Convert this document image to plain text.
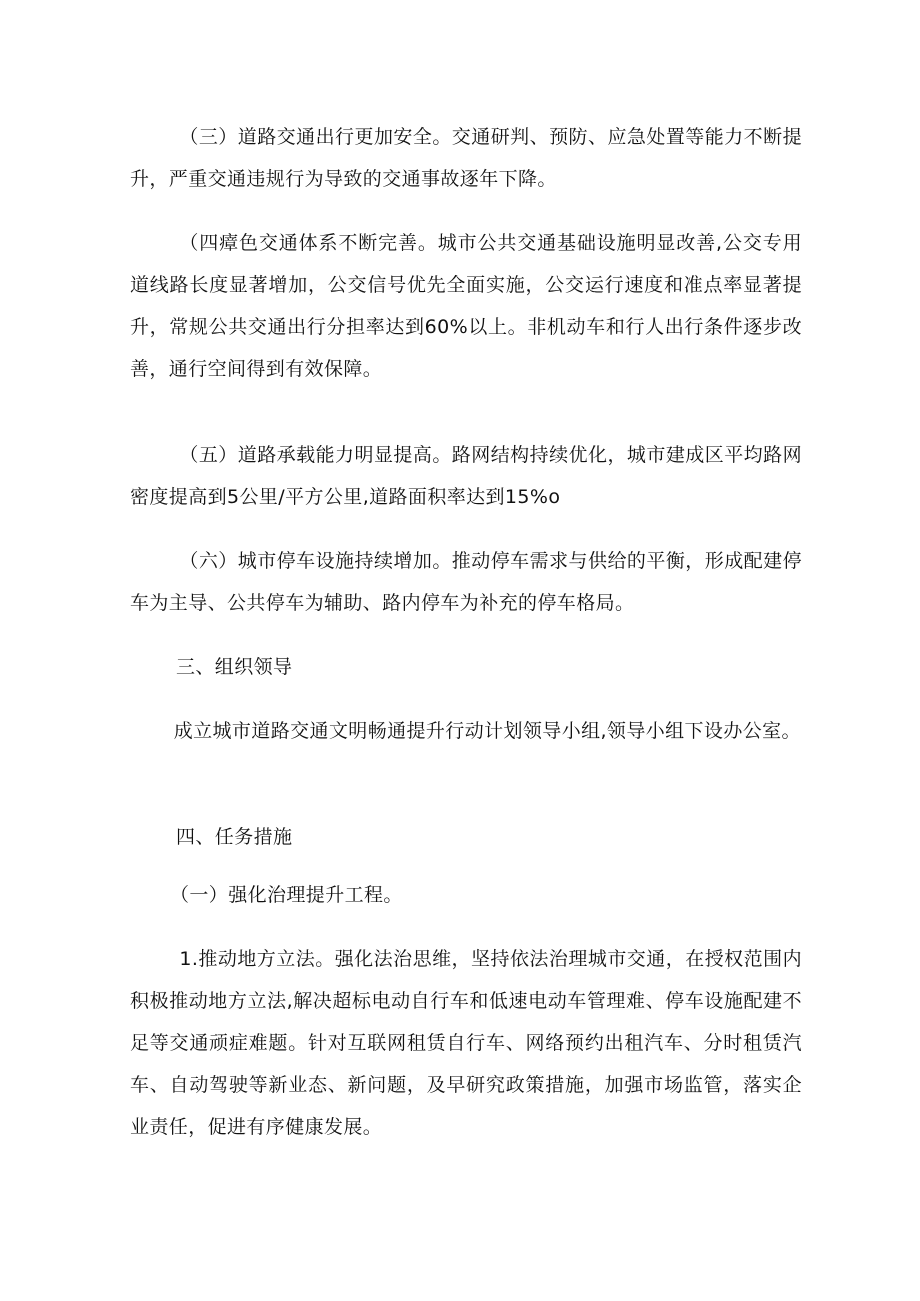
（三）道路交通出行更加安全。交通研判、预防、应急处置等能力不断提升，严重交通违规行为导致的交通事故逐年下降。

（四瘴色交通体系不断完善。城市公共交通基础设施明显改善,公交专用道线路长度显著增加，公交信号优先全面实施，公交运行速度和准点率显著提升，常规公共交通出行分担率达到60%以上。非机动车和行人出行条件逐步改善，通行空间得到有效保障。

（五）道路承载能力明显提高。路网结构持续优化，城市建成区平均路网密度提高到5公里/平方公里,道路面积率达到15%o

（六）城市停车设施持续增加。推动停车需求与供给的平衡，形成配建停车为主导、公共停车为辅助、路内停车为补充的停车格局。

三、组织领导

成立城市道路交通文明畅通提升行动计划领导小组,领导小组下设办公室。

四、任务措施

（一）强化治理提升工程。

1.推动地方立法。强化法治思维，坚持依法治理城市交通，在授权范围内积极推动地方立法,解决超标电动自行车和低速电动车管理难、停车设施配建不足等交通顽症难题。针对互联网租赁自行车、网络预约出租汽车、分时租赁汽车、自动驾驶等新业态、新问题，及早研究政策措施，加强市场监管，落实企业责任，促进有序健康发展。
